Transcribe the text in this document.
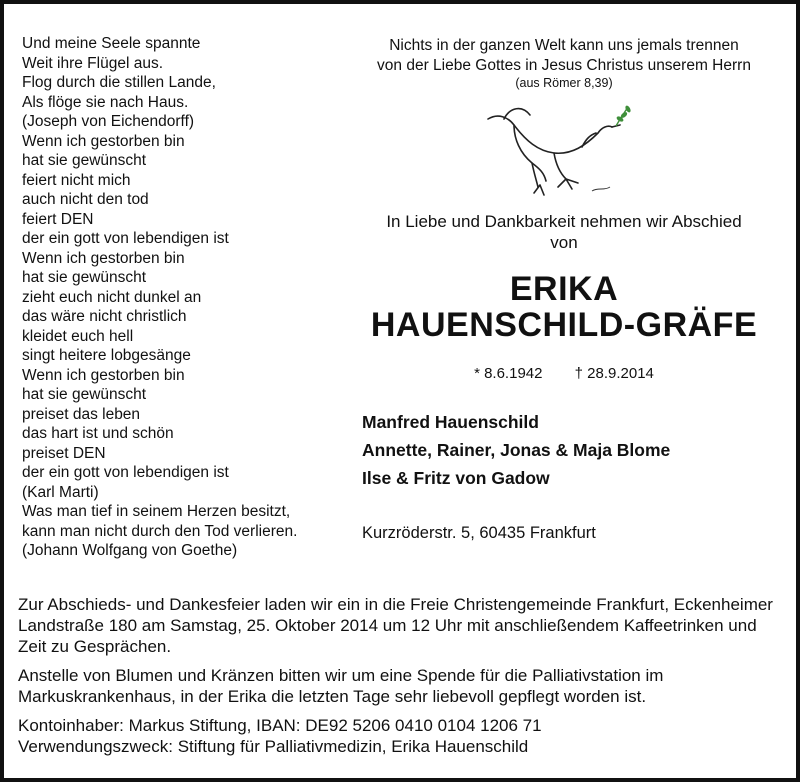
Und meine Seele spannte

Weit ihre Flügel aus.

Flog durch die stillen Lande,

Als flöge sie nach Haus.

(Joseph von Eichendorff)

Wenn ich gestorben bin

hat sie gewünscht

feiert nicht mich

auch nicht den tod

feiert DEN

der ein gott von lebendigen ist

Wenn ich gestorben bin

hat sie gewünscht

zieht euch nicht dunkel an

das wäre nicht christlich

kleidet euch hell

singt heitere lobgesänge

Wenn ich gestorben bin

hat sie gewünscht

preiset das leben

das hart ist und schön

preiset DEN

der ein gott von lebendigen ist

(Karl Marti)

Was man tief in seinem Herzen besitzt,

kann man nicht durch den Tod verlieren.

(Johann Wolfgang von Goethe)

Nichts in der ganzen Welt kann uns jemals trennen

von der Liebe Gottes in Jesus Christus unserem Herrn

(aus Römer 8,39)

In Liebe und Dankbarkeit nehmen wir Abschied

von

ERIKA

HAUENSCHILD-GRÄFE

* 8.6.1942 † 28.9.2014

Manfred Hauenschild

Annette, Rainer, Jonas & Maja Blome

Ilse & Fritz von Gadow

Kurzröderstr. 5, 60435 Frankfurt

Zur Abschieds- und Dankesfeier laden wir ein in die Freie Christengemeinde Frankfurt, Eckenheimer Landstraße 180 am Samstag, 25. Oktober 2014 um 12 Uhr mit anschließendem Kaffeetrinken und Zeit zu Gesprächen.

Anstelle von Blumen und Kränzen bitten wir um eine Spende für die Palliativstation im Markuskrankenhaus, in der Erika die letzten Tage sehr liebevoll gepflegt worden ist.

Kontoinhaber: Markus Stiftung, IBAN: DE92 5206 0410 0104 1206 71

Verwendungszweck: Stiftung für Palliativmedizin, Erika Hauenschild
